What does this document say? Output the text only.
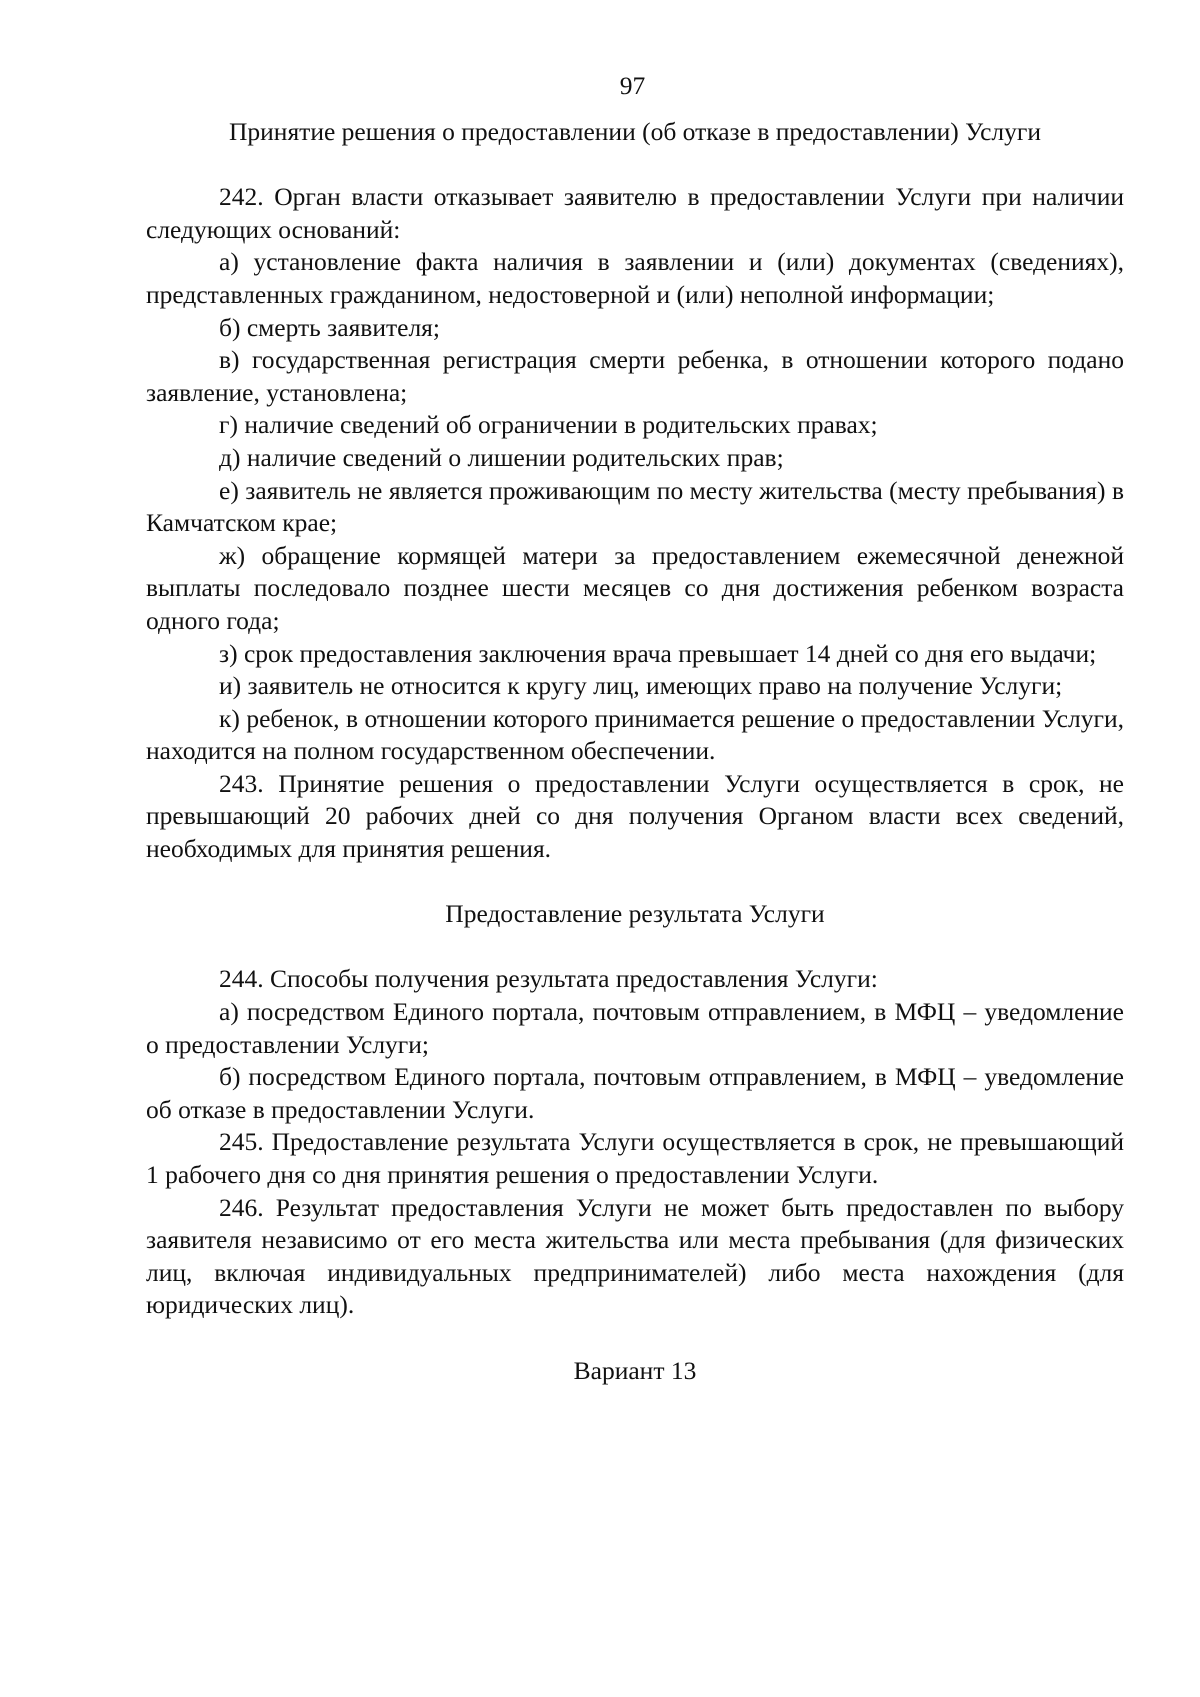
97

Принятие решения о предоставлении (об отказе в предоставлении) Услуги

242. Орган власти отказывает заявителю в предоставлении Услуги при наличии следующих оснований:

а) установление факта наличия в заявлении и (или) документах (сведениях), представленных гражданином, недостоверной и (или) неполной информации;

б) смерть заявителя;

в) государственная регистрация смерти ребенка, в отношении которого подано заявление, установлена;

г) наличие сведений об ограничении в родительских правах;

д) наличие сведений о лишении родительских прав;

е) заявитель не является проживающим по месту жительства (месту пребывания) в Камчатском крае;

ж) обращение кормящей матери за предоставлением ежемесячной денежной выплаты последовало позднее шести месяцев со дня достижения ребенком возраста одного года;

з) срок предоставления заключения врача превышает 14 дней со дня его выдачи;

и) заявитель не относится к кругу лиц, имеющих право на получение Услуги;

к) ребенок, в отношении которого принимается решение о предоставлении Услуги, находится на полном государственном обеспечении.

243. Принятие решения о предоставлении Услуги осуществляется в срок, не превышающий 20 рабочих дней со дня получения Органом власти всех сведений, необходимых для принятия решения.

Предоставление результата Услуги

244. Способы получения результата предоставления Услуги:

а) посредством Единого портала, почтовым отправлением, в МФЦ – уведомление о предоставлении Услуги;

б) посредством Единого портала, почтовым отправлением, в МФЦ – уведомление об отказе в предоставлении Услуги.

245. Предоставление результата Услуги осуществляется в срок, не превышающий 1 рабочего дня со дня принятия решения о предоставлении Услуги.

246. Результат предоставления Услуги не может быть предоставлен по выбору заявителя независимо от его места жительства или места пребывания (для физических лиц, включая индивидуальных предпринимателей) либо места нахождения (для юридических лиц).

Вариант 13
